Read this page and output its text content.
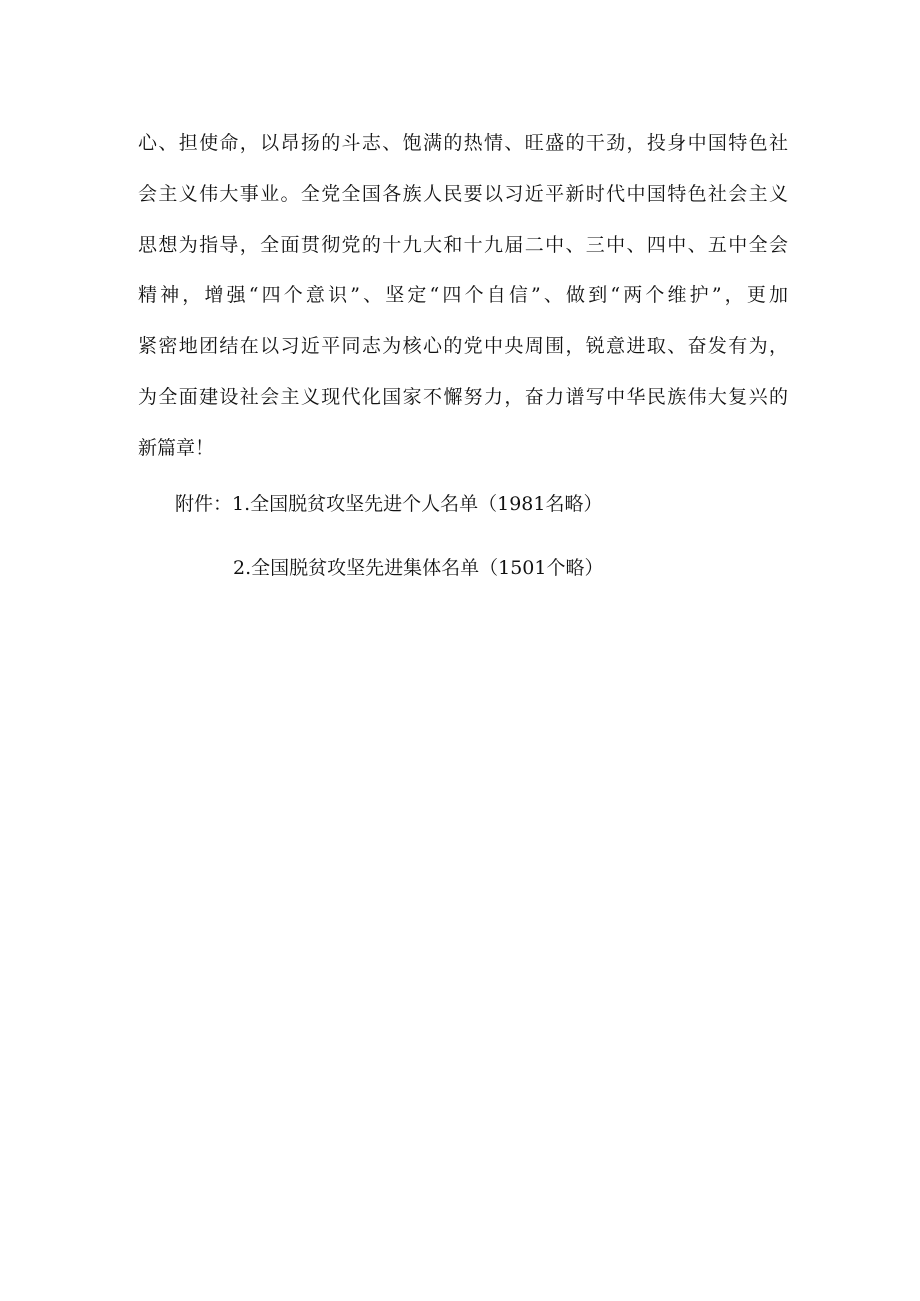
心、担使命，以昂扬的斗志、饱满的热情、旺盛的干劲，投身中国特色社
会主义伟大事业。全党全国各族人民要以习近平新时代中国特色社会主义
思想为指导，全面贯彻党的十九大和十九届二中、三中、四中、五中全会
精神，增强“四个意识”、坚定“四个自信”、做到“两个维护”，更加
紧密地团结在以习近平同志为核心的党中央周围，锐意进取、奋发有为，
为全面建设社会主义现代化国家不懈努力，奋力谱写中华民族伟大复兴的
新篇章！
附件：1.全国脱贫攻坚先进个人名单（1981名略）
2.全国脱贫攻坚先进集体名单（1501个略）
